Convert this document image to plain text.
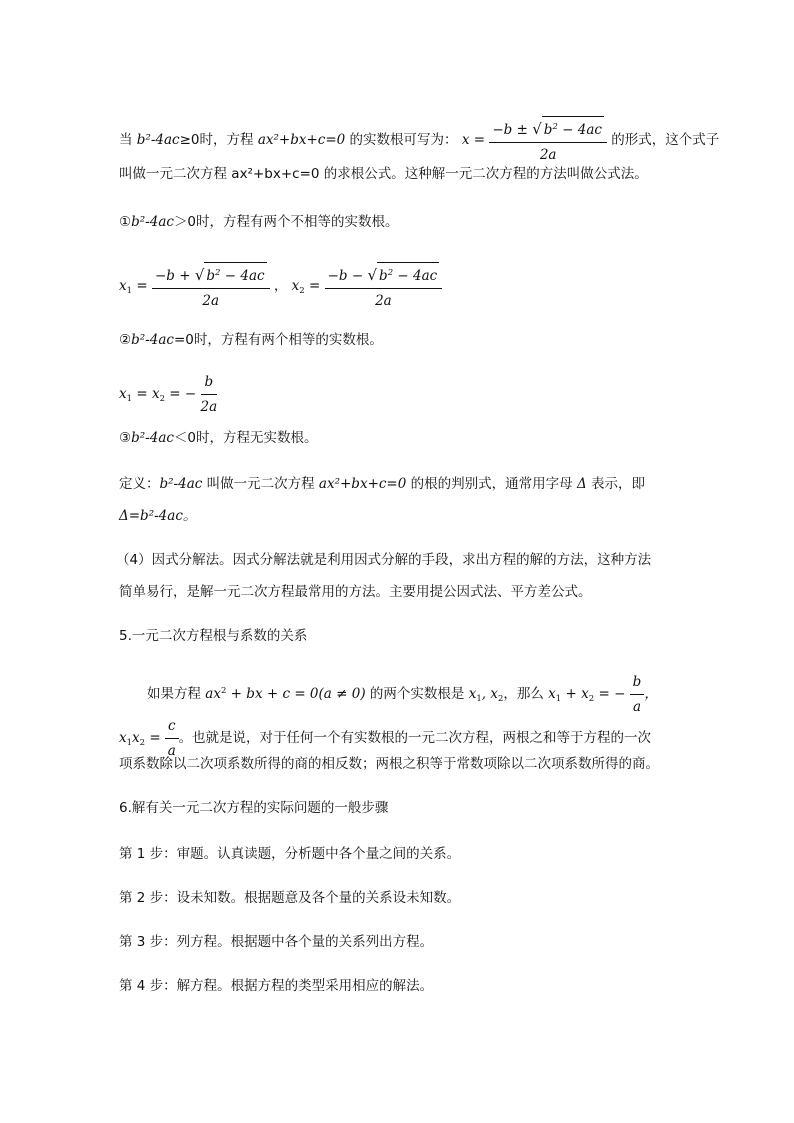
当 b²-4ac≥0时，方程 ax²+bx+c=0 的实数根可写为： $x = \frac{-b \pm √ b^2 - 4ac}{2a}$ 的形式，这个式子
叫做一元二次方程 ax²+bx+c=0 的求根公式。这种解一元二次方程的方法叫做公式法。
①b²-4ac＞0时，方程有两个不相等的实数根。
$x_1 = \frac{-b + √ b^2 - 4ac}{2a}$ ， $x_2 = \frac{-b - √ b^2 - 4ac}{2a}$
②b²-4ac=0时，方程有两个相等的实数根。
$x_1 = x_2$ = − $\frac{b}{2a}$
③b²-4ac＜0时，方程无实数根。
定义：b²-4ac 叫做一元二次方程 ax²+bx+c=0 的根的判别式，通常用字母 Δ 表示，即
Δ=b²-4ac。
（4）因式分解法。因式分解法就是利用因式分解的手段，求出方程的解的方法，这种方法
简单易行，是解一元二次方程最常用的方法。主要用提公因式法、平方差公式。
5.一元二次方程根与系数的关系
如果方程 $ax^2$ + bx + c = 0(a ≠ 0) 的两个实数根是 $x_1$, $x_2$，那么 $x_1 + x_2$ = − $\frac{b}{a}$ ，
$x_1x_2 = \frac{c}{a}$ 。也就是说，对于任何一个有实数根的一元二次方程，两根之和等于方程的一次
项系数除以二次项系数所得的商的相反数；两根之积等于常数项除以二次项系数所得的商。
6.解有关一元二次方程的实际问题的一般步骤
第 1 步：审题。认真读题，分析题中各个量之间的关系。
第 2 步：设未知数。根据题意及各个量的关系设未知数。
第 3 步：列方程。根据题中各个量的关系列出方程。
第 4 步：解方程。根据方程的类型采用相应的解法。
